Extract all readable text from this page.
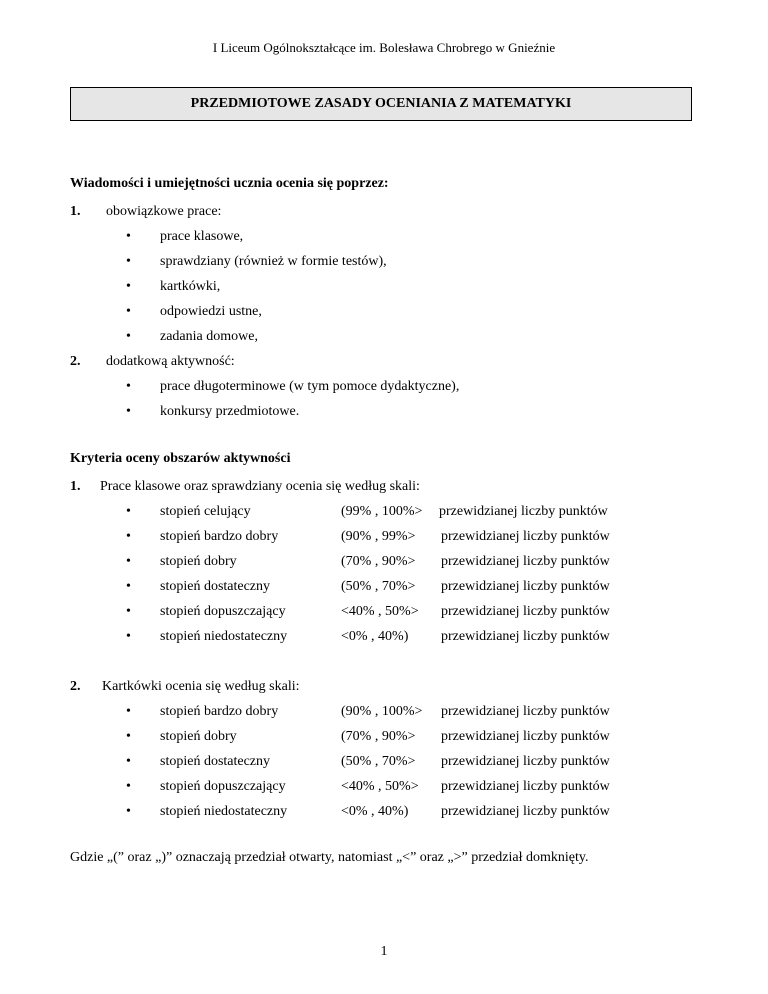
I Liceum Ogólnokształcące im. Bolesława Chrobrego w Gnieźnie
PRZEDMIOTOWE ZASADY OCENIANIA Z MATEMATYKI
Wiadomości i umiejętności ucznia ocenia się poprzez:
1. obowiązkowe prace:
• prace klasowe,
• sprawdziany (również w formie testów),
• kartkówki,
• odpowiedzi ustne,
• zadania domowe,
2. dodatkową aktywność:
• prace długoterminowe (w tym pomoce dydaktyczne),
• konkursy przedmiotowe.
Kryteria oceny obszarów aktywności
1. Prace klasowe oraz sprawdziany ocenia się według skali:
• stopień celujący	(99% , 100%> przewidzianej liczby punktów
• stopień bardzo dobry	(90% , 99%> przewidzianej liczby punktów
• stopień dobry	(70% , 90%> przewidzianej liczby punktów
• stopień dostateczny	(50% , 70%> przewidzianej liczby punktów
• stopień dopuszczający	<40% , 50%> przewidzianej liczby punktów
• stopień niedostateczny	<0% , 40%) przewidzianej liczby punktów
2. Kartkówki ocenia się według skali:
• stopień bardzo dobry	(90% , 100%> przewidzianej liczby punktów
• stopień dobry	(70% , 90%> przewidzianej liczby punktów
• stopień dostateczny	(50% , 70%> przewidzianej liczby punktów
• stopień dopuszczający	<40% , 50%> przewidzianej liczby punktów
• stopień niedostateczny	<0% , 40%) przewidzianej liczby punktów
Gdzie „(” oraz „)” oznaczają przedział otwarty, natomiast „<” oraz „>” przedział domknięty.
1
